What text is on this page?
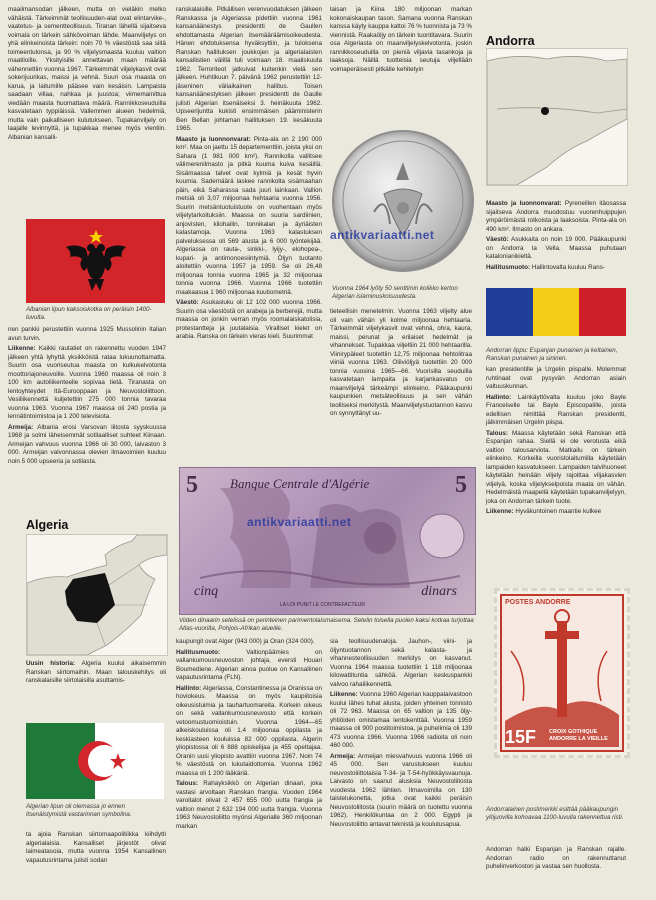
maailmansodan jälkeen, mutta on vieläkin melko vähäistä. Tärkeimmät teollisuuden-alat ovat elintarvike-, vaatetus- ja sementteollisuus. Tiranan lähellä sijaitseva voimala on tärkein sähkövoiman lähde. Maanviljelys on yhä elinkeinoista tärkein: noin 70 % väestöstä saa siitä toimeentulonsa, ja 90 % viljelysmaasta kuuluu valtion maatiloille. Yksityisille annettavan maan määrää vähennettiin vuonna 1967. Tärkeimmät viljelykasvit ovat sokerijuurikas, maissi ja vehnä. Suuri osa maasta on karua, ja laitumille pääsee vain kesäisin. Lampaista saadaan villaa, nahkaa ja juustoa; viimemainittua viedään maasta huomattava määrä. Rannikkoseuduilla kasvatetaan typpiäissä. Vallemmen alueen hedelmiä, mutta vain paikalliseen kulutukseen. Tupakanviljely on laajalle levinnyttä, ja tupakkaa menee myös vientiin. Albanian kansalli-

Albanian lipun kaksoiskotka on peräisin 1400-luvulta.

nen pankki perustettiin vuonna 1925 Mussolinin Italian avun turvin.

Liikenne: Kaikki rautatiet on rakennettu vuoden 1947 jälkeen yhtä lyhyttä yksikköistä rataa lukuunottamatta. Suurin osa vuoriseutua maasta on kulkukelvotonta moottoriajoneuvoille. Vuonna 1960 maassa oli noin 3 100 km autoliikenteelle sopivaa tietä. Tiranasta on lentoyhteydet Itä-Eurooppaan ja Neuvostoliittoon. Vesiliikennettä kuljetettiin 275 000 tonnia tavaraa vuonna 1963. Vuonna 1967 maassa oli 240 postia ja lennätintoimistoa ja 1 200 televisiota.

Armeija: Albania erosi Varsovan liitosta syyskuussa 1968 ja solmi läheisemmät sotilaalliset suhteet Kiinaan. Armeijan vahvuus vuonna 1966 oli 30 000, laivaston 3 000. Armeijan valvonnassa olevien ilmavoimien kuuluu noin 5 000 upseeria ja sotilasta.

Algeria

Uusin historia: Algeria kuului aikaisemmin Ranskan siirtomaihin. Maan talouskehitys oli ranskalaisille siirtolaisilla asuttamis-

Algerian lipun oli olemassa jo ennen itsenäistymistä vastarinnan symbolina.

ta ajoia Ranskan siirtomaapolitiikka kiihdytti algerialaisia. Kansalliset järjestöt olivat laimeatasoia, mutta vuonna 1954 Kansallinen vapautusrintama julisti sodan

ranskalaisille. Pitkällisen verenvuodatuksen jälkeen Ranskassa ja Algeriassa pidettiin vuonna 1961 kansanäänestys presidentti de Gaullen ehdottamasta Algerian itsemääräämisoikeudesta. Hänen ehdotuksensa hyväksyttiin, ja tuloksena Ranskan hallituksen joukkojen ja algerialaisten kansallistien välillä tuli voimaan 18. maaliskuuta 1962. Terroriteot jatkuivat kuitenkin vielä sen jälkeen. Huhtikuun 7. päivänä 1962 perustettiin 12-jäseninen väliaikainen hallitus. Toisen kansanäänestyksen jälkeen presidentti de Gaulle julisti Algerian itsenäiseksi 3. heinäkuuta 1962. Upseerijuntta kukisti ensimmäisen pääministerin Ben Bellan johtaman hallituksen 19. kesäkuuta 1965.

Maasto ja luonnonvarat: Pinta-ala on 2 190 000 km². Maa on jaettu 15 departementtiin, joista yksi on Sahara (1 981 000 km²). Rannikolla vallitsee välimerenilmasto ja pitkä kuuma kuiva kesäillä. Sisämaassa talvet ovat kylmiä ja kesät hyvin kuumia. Sademäärä laskee rannikolta sisämaahan päin, eikä Saharassa sada juuri lainkaan. Vallion metsiä oli 3,07 miljoonaa hehtaaria vuonna 1956. Suurin metsäntuotuistuote on vuohentaan myös viljelytarkoituksiin. Maassa on suuria sardiinien, anjovisten, kilohailin, tonnikalan ja äyriäisten kalastamoja. Vuonna 1963 kalastuksen palveluksessa oli 569 alusta ja 6 000 työntekijää. Algeriassa on rauta-, sinkki-, lyijy-, elohopea-, kupari- ja antimonoesiintymiä. Öljyn tuotanto aloitettiin vuonna 1957 ja 1959. Se oli 26,48 miljoonaa tonnia vuonna 1965 ja 32 miljoonaa tonnia vuonna 1966. Vuonna 1966 tuotettiin maakaasua 1 960 miljoonaa kuutiometriä.

Väestö: Asukasluku oli 12 102 000 vuonna 1966. Suurin osa väestöstä on arabeja ja berberejä, mutta maassa on jonkin verran myös roomalaiskatolisia, protestantteja ja juutalaisia. Viralliset kielet on arabia. Ranska on tärkein vieras kieli. Suurimmat

laisan ja Kiina 180 miljoonan markan kokonaiskaupan tason. Samana vuonna Ranskan kanssa käyty kauppa kattoi 76 % tuonnista ja 73 % viennistä. Raakaöljy on tärkein tuontitavara. Suurin osa Algeriasta on maanviljelyskelvotonta, joskin rannikkoseuduilla on pieniä viljavia tasankoja ja laaksoja. Näillä tuotteisia seutuja viljellään voimaperäisesti pitkälle kehitetyin

Vuonna 1964 lyöty 50 senttimin kolikko kertoo Algerian islaminuskoisuudesta.

tieteellisin menetelmin. Vuonna 1963 viljelty alue oli vain vähän yli kolme miljoonaa hehtaaria. Tärkeimmät viljelykasvit ovat vehnä, ohra, kaura, maissi, perunat ja erilaiset hedelmät ja vihannekset. Tupakkaa viljeltiin 21 000 hehtaarilla. Viinirypäleet tuotettiin 12,75 miljoonaa hehtolitraa viiniä vuonna 1963. Oliiviöljyä tuotettiin 20 000 tonnia vuosina 1965—66. Vuorisilla seuduilla kasvatetaan lampaita ja karjankasvatus on maanviljelyä tärkeämpi elinkeino. Pääkaupunki kaupunkien metsäteollisuus ja sen vähän teolliseksi merkitystä. Maanviljelystuotannon kasvu on synnyttänyt uu-

5	5
Banque Centrale d'Algérie
cinq	dinars
LA LOI PUNIT LE CONTREFACTEUR
Viiden dinaarin setelissä on perinteinen parimentolaismaisema. Setelin toisella puolen kaksi kotkaa turjottaa Atlas-vuorilta, Pohjois-Afrikan alueille.

kaupungit ovat Alger (943 000) ja Oran (324 000).

Hallitusmuoto:	Valtionpäämies on vallankumousneuvoston johtaja, eversti Houari Boumediene. Algerian ainoa puolue on Kansallinen vapautusrintama (FLN).

Hallinto: Algeriassa, Constantinessa ja Oranissa on hoviokeus. Maassa on myös kaupiitoisia oikeusistuimia ja tauhartuomareita. Korkein oikeus on sekä vallankumousneuvosto että korkein vetoomustuomioistuin. Vuonna 1964—65 alkeiskouluissa oli 1,4 miljoonaa oppilasta ja keskiasteen kouluissa 82 000 oppilasta. Algerin yliopistossa oli 6 888 opiskelijaa ja 455 opettajaa. Oranin uusi yliopisto avattiin vuonna 1967. Noin 74 % väestöstä on lukutaidottomia. Vuonna 1962 maassa oli 1 200 lääkäriä.

Talous: Rahayksikkö on Algerian dinaari, joka vastasi arvoltaan Ranskan frangia. Vuoden 1964 varoitalot olivat 2 457 655 000 uutta frangia ja valtion menot 2 632 194 000 uutta frangia. Vuonna 1963 Neuvostoliitto myönsi Algerialle 360 miljoonan markan

sia teollisuudenaloja. Jauhon-, viini- ja öljyntuotannon sekä kalasta- ja vihannesteollisuuden merkitys on kasvanut. Vuonna 1964 maassa tuotettiin 1 118 miljoonaa kilowattituntia sähköä. Algerian keskuspankki valvoo rahaliikennettä.

Liikenne: Vuonna 1960 Algerian kauppalaivastoon kuului lähes tuhat alusta, joiden yhteinen tonnisto oli 72 963. Maassa on 65 valtion ja 135 öljy-yhtiöiden omistamaa lentokenttää. Vuonna 1959 maassa oli 900 postitoimistoa, ja puhelimia oli 139 473 vuonna 1966. Vuonna 1966 radioita oli noin 460 000.

Armeija: Armeijan miesvahvuus vuonna 1966 oli 45 000. Sen varustukseen kuuluu neuvostoliittolaisia T-34- ja T-54-hyökkäysvaunuja. Laivasto on saanut alusksia Neuvostoliitosta vuodesta 1962 lähtien. Ilmavoimilla on 130 taistelukonetta, jotka ovat kaikki peräisin Neuvostoliitosta (suurin määrä on tuotettu vuonna 1962). Henkilökuntaa on 2 000. Egypti ja Neuvostoliitto antavat teknistä ja koulutusapua.

Andorra

Maasto ja luonnonvarat: Pyreneillen itäosassa sijaitseva Andorra muodostuu vuorenhuippujen ympäröimästä rotkoista ja laaksoista. Pinta-ala on 490 km². Ilmasto on ankara.

Väestö: Asukkaita on noin 19 000. Pääkaupunki on Andorra la Vella. Maassa puhutaan katalonianikieltä.

Hallitusmuoto: Hallintovalta kuuluu Rans-

Andorran lippu: Espanjan punainen ja keltainen, Ranskan punainen ja sininen.

kan presidentille ja Urgelin piispalle. Molemmat ruhtinaat ovat pysyvän Andorran asiain valtuuskunnan.

Hallinto: Lainkäyttövalta kuuluu joko Bayle Franceiselle tai Bayle Episcopalille, joista edellisen nimittää Ranskan presidentti, jälkimmäisen Urgelin piispa.

Talous: Maassa käytetään sekä Ranskan että Espanjan rahaa. Siellä ei ole verotusta eikä valtion talousarviota. Matkailu on tärkein elinkeino. Korkeilla vuoristolaitumilla käytetään lampaiden kasvatukseen. Lampaiden talvihuoneet käytetään heinään viljely rajoittaa viljakasvien viljelyä, koska viljelykselpoista maata on vähän. Hedelmäistä maapellä käytetään tupakanviljelyyn, joka on Andorran tärkein tuote.

Liikenne: Hyväkuntoinen maantie kulkee

POSTES ANDORRE
15F CROIX GOTHIQUE ANDORRE LA VIEILLE
Andorralainen postimerkki esittää pääkaupungin ylöjuovilla kohoavaa 1100-luvulla rakennettua risti.

Andorran halki Espanjan ja Ranskan rajalle. Andorran radio on rakennuttanut puhelinverkoston ja vastaa sen huollosta.

antikvariaatti.net
antikvariaatti.net
